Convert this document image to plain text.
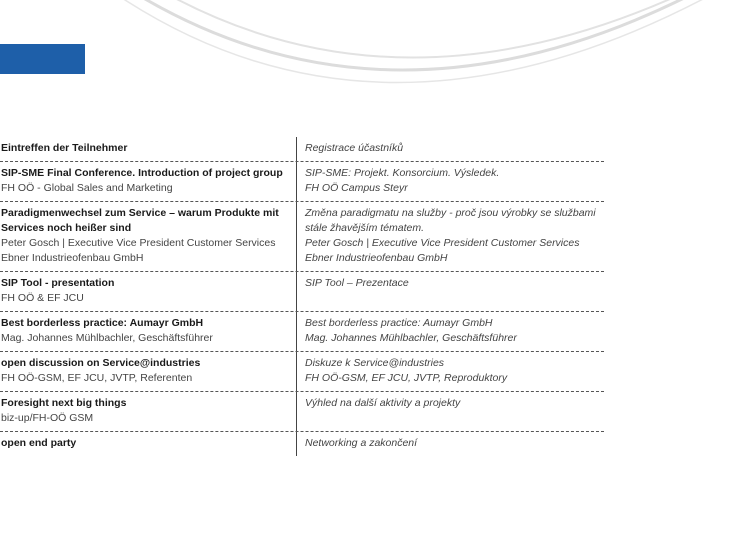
Eintreffen der Teilnehmer	Registrace účastníků
SIP-SME Final Conference. Introduction of project group
FH OÖ - Global Sales and Marketing
SIP-SME: Projekt. Konsorcium. Výsledek.
FH OÖ Campus Steyr
Paradigmenwechsel zum Service – warum Produkte mit Services noch heißer sind
Peter Gosch | Executive Vice President Customer Services Ebner Industrieofenbau GmbH
Změna paradigmatu na služby - proč jsou výrobky se službami stále žhavějším tématem.
Peter Gosch | Executive Vice President Customer Services Ebner Industrieofenbau GmbH
SIP Tool - presentation
FH OÖ & EF JCU
SIP Tool – Prezentace
Best borderless practice: Aumayr GmbH
Mag. Johannes Mühlbachler, Geschäftsführer
Best borderless practice: Aumayr GmbH
Mag. Johannes Mühlbachler, Geschäftsführer
open discussion on Service@industries
FH OÖ-GSM, EF JCU, JVTP, Referenten
Diskuze k Service@industries
FH OÖ-GSM, EF JCU, JVTP, Reproduktory
Foresight next big things
biz-up/FH-OÖ GSM
Výhled na další aktivity a projekty
open end party	Networking a zakončení
